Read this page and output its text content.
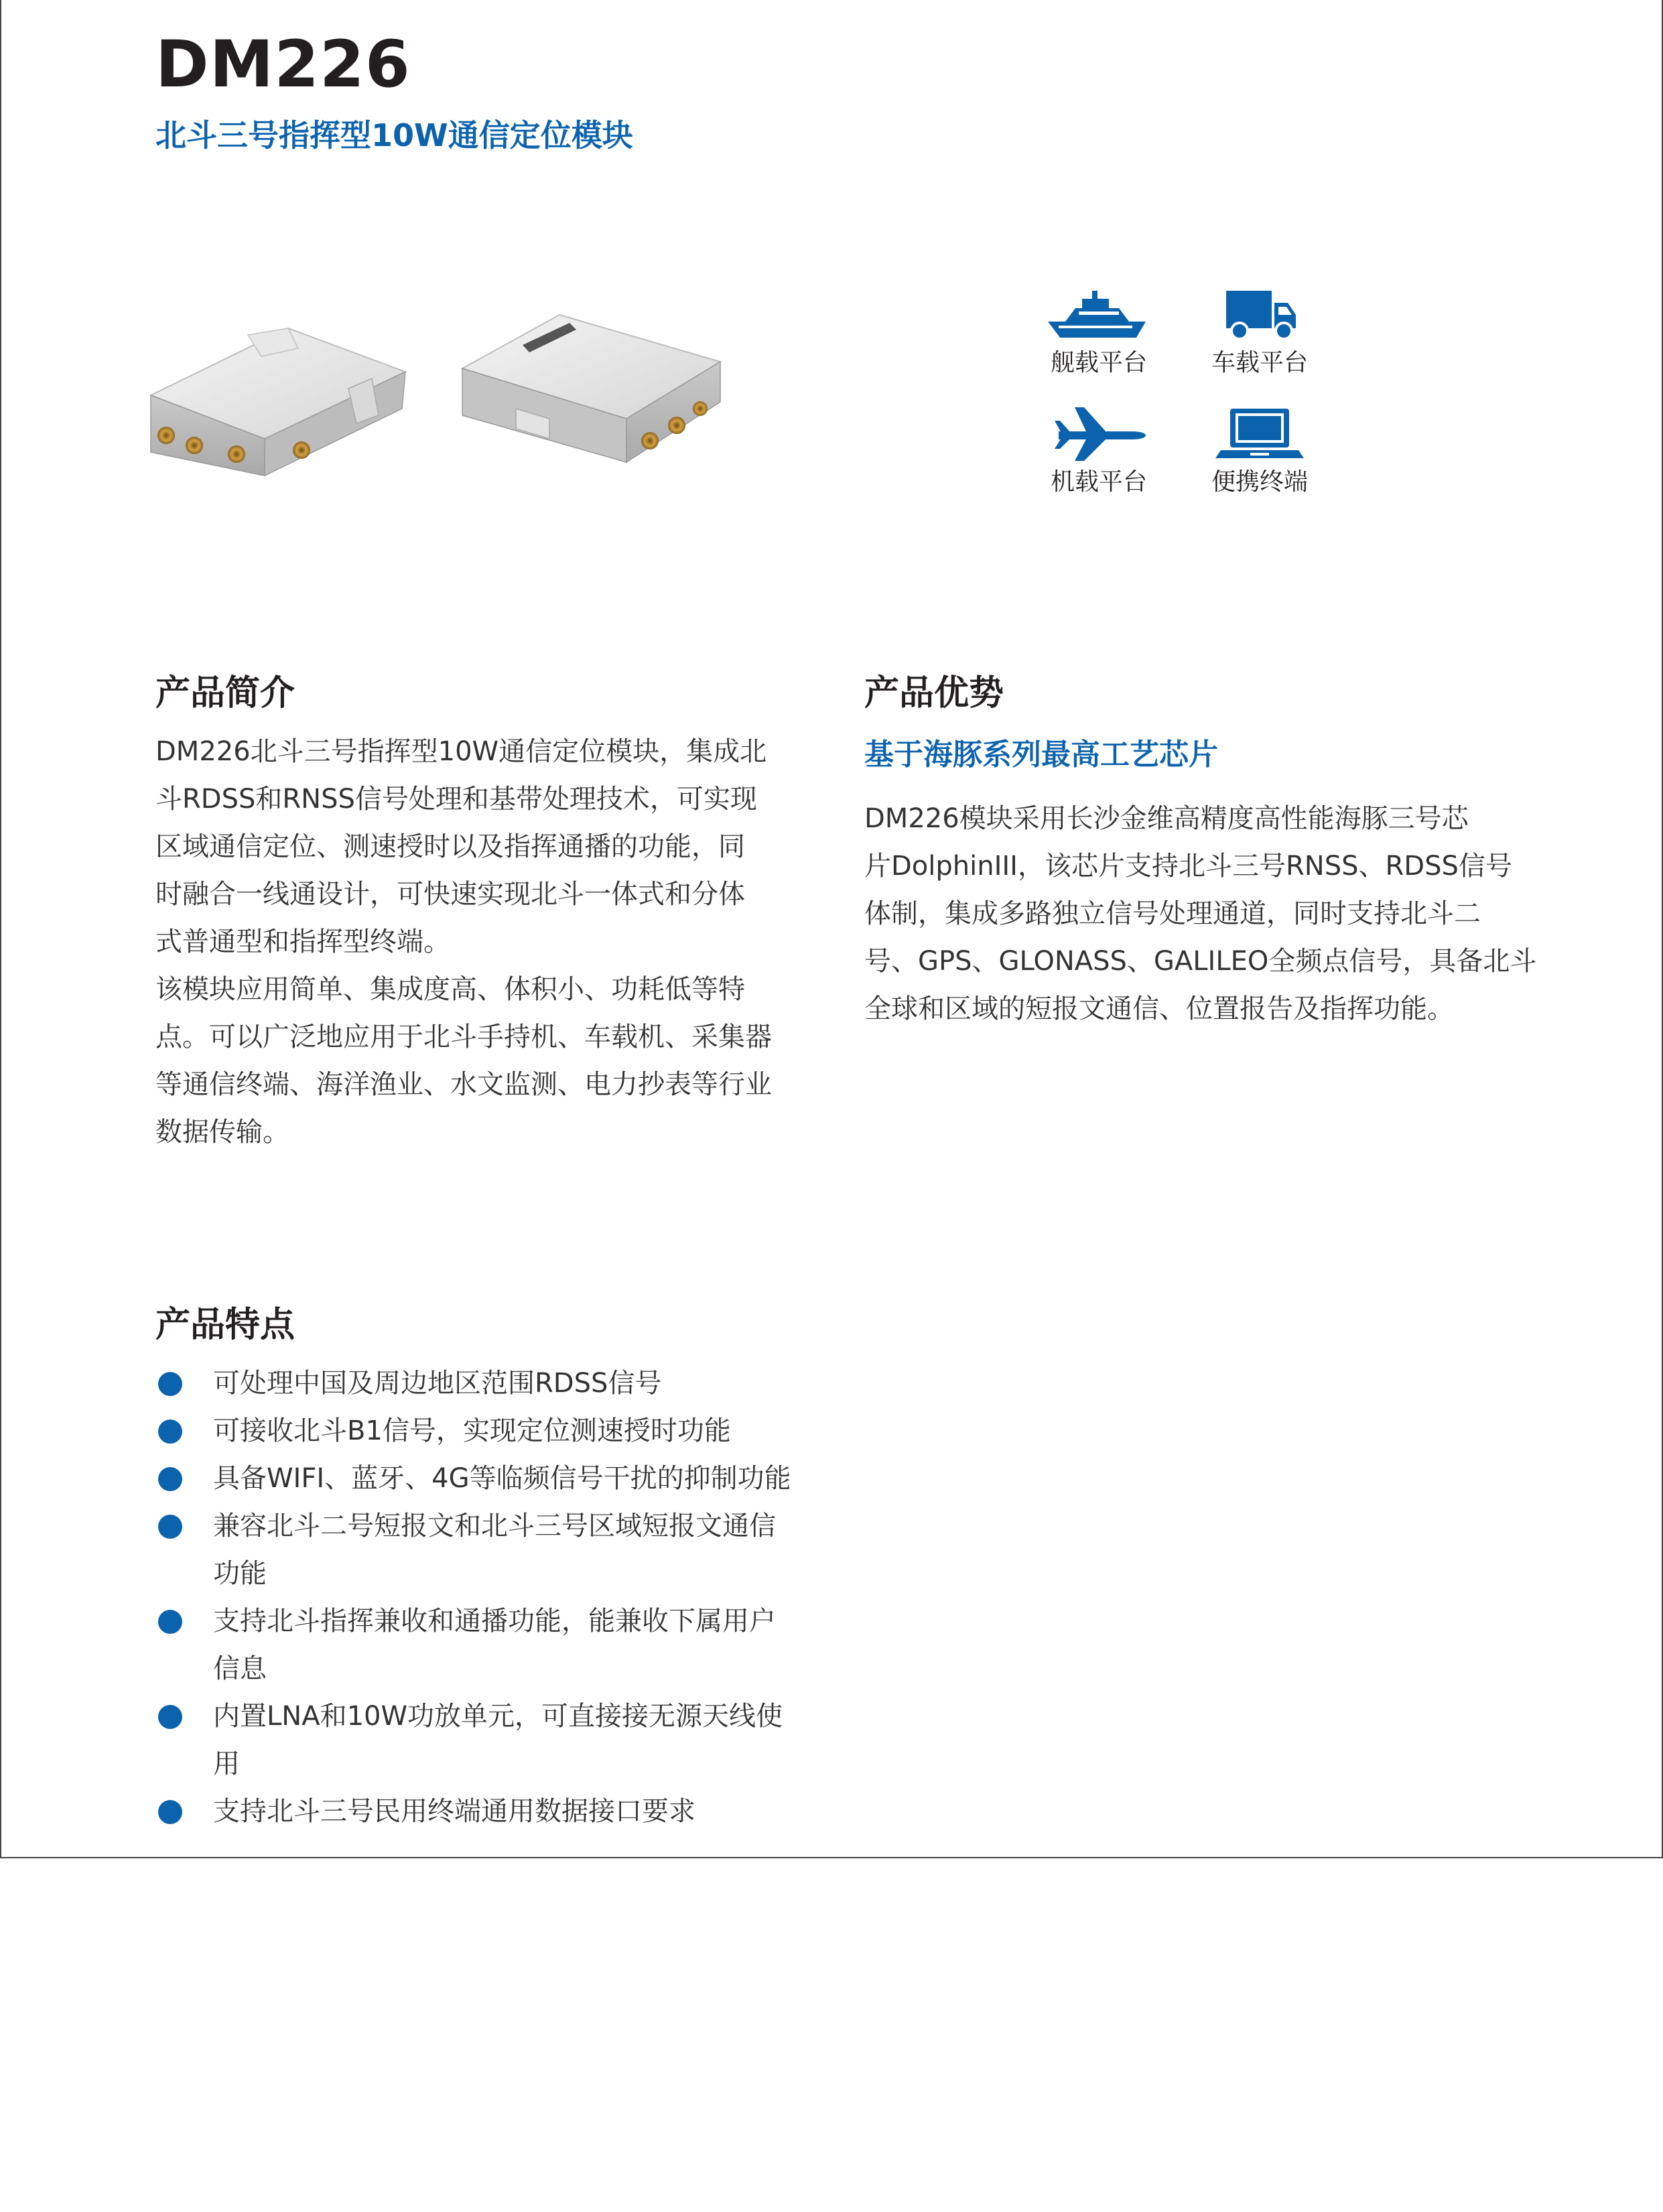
DM226
北斗三号指挥型10W通信定位模块
舰载平台	车载平台
机载平台	便携终端
产品简介
DM226北斗三号指挥型10W通信定位模块，集成北
斗RDSS和RNSS信号处理和基带处理技术，可实现
区域通信定位、测速授时以及指挥通播的功能，同
时融合一线通设计，可快速实现北斗一体式和分体
式普通型和指挥型终端。
该模块应用简单、集成度高、体积小、功耗低等特
点。可以广泛地应用于北斗手持机、车载机、采集器
等通信终端、海洋渔业、水文监测、电力抄表等行业
数据传输。
产品优势
基于海豚系列最高工艺芯片
DM226模块采用长沙金维高精度高性能海豚三号芯
片DolphinIII，该芯片支持北斗三号RNSS、RDSS信号
体制，集成多路独立信号处理通道，同时支持北斗二
号、GPS、GLONASS、GALILEO全频点信号，具备北斗
全球和区域的短报文通信、位置报告及指挥功能。
产品特点
可处理中国及周边地区范围RDSS信号
可接收北斗B1信号，实现定位测速授时功能
具备WIFI、蓝牙、4G等临频信号干扰的抑制功能
兼容北斗二号短报文和北斗三号区域短报文通信
功能
支持北斗指挥兼收和通播功能，能兼收下属用户
信息
内置LNA和10W功放单元，可直接接无源天线使
用
支持北斗三号民用终端通用数据接口要求
